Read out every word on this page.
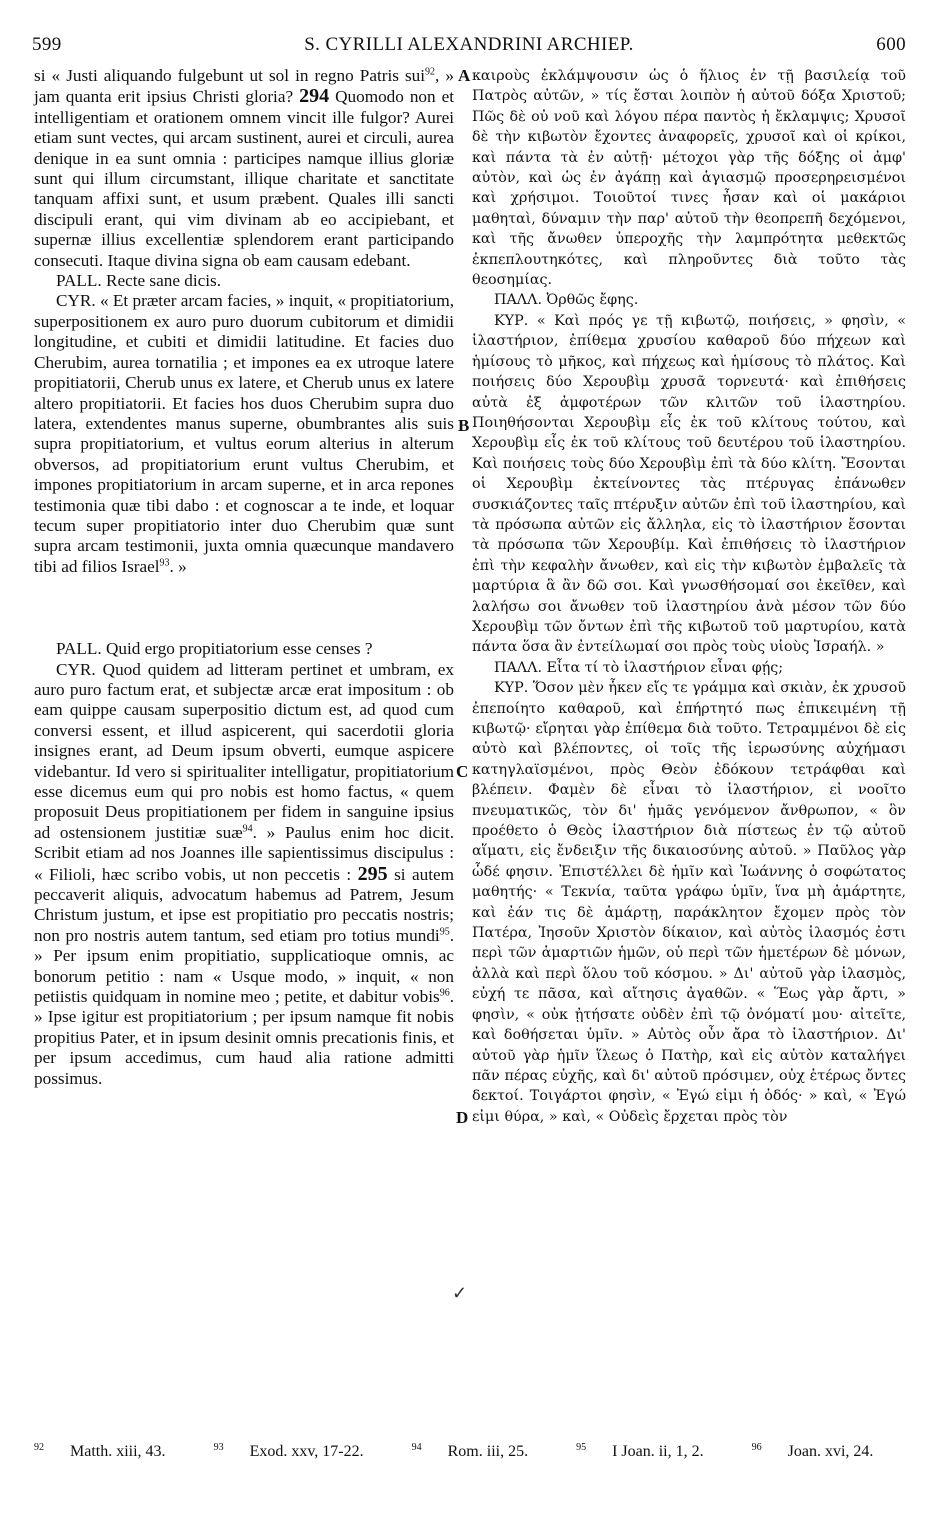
599	S. CYRILLI ALEXANDRINI ARCHIEP.	600

si « Justi aliquando fulgebunt ut sol in regno Patris sui$^{92}$, » jam quanta erit ipsius Christi gloria? 294 Quomodo non et intelligentiam et orationem omnem vincit ille fulgor? Aurei etiam sunt vectes, qui arcam sustinent, aurei et circuli, aurea denique in ea sunt omnia : participes namque illius gloriæ sunt qui illum circumstant, illique charitate et sanctitate tanquam affixi sunt, et usum præbent. Quales illi sancti discipuli erant, qui vim divinam ab eo accipiebant, et supernæ illius excellentiæ splendorem erant participando consecuti. Itaque divina signa ob eam causam edebant.

PALL. Recte sane dicis.

CYR. « Et præter arcam facies, » inquit, « propitiatorium, superpositionem ex auro puro duorum cubitorum et dimidii longitudine, et cubiti et dimidii latitudine. Et facies duo Cherubim, aurea tornatilia ; et impones ea ex utroque latere propitiatorii, Cherub unus ex latere, et Cherub unus ex latere altero propitiatorii. Et facies hos duos Cherubim supra duo latera, extendentes manus superne, obumbrantes alis suis supra propitiatorium, et vultus eorum alterius in alterum obversos, ad propitiatorium erunt vultus Cherubim, et impones propitiatorium in arcam superne, et in arca repones testimonia quæ tibi dabo : et cognoscar a te inde, et loquar tecum super propitiatorio inter duo Cherubim quæ sunt supra arcam testimonii, juxta omnia quæcunque mandavero tibi ad filios Israel$^{93}$. »

PALL. Quid ergo propitiatorium esse censes ?

CYR. Quod quidem ad litteram pertinet et umbram, ex auro puro factum erat, et subjectæ arcæ erat impositum : ob eam quippe causam superpositio dictum est, ad quod cum conversi essent, et illud aspicerent, qui sacerdotii gloria insignes erant, ad Deum ipsum obverti, eumque aspicere videbantur. Id vero si spiritualiter intelligatur, propitiatorium esse dicemus eum qui pro nobis est homo factus, « quem proposuit Deus propitiationem per fidem in sanguine ipsius ad ostensionem justitiæ suæ$^{94}$. » Paulus enim hoc dicit. Scribit etiam ad nos Joannes ille sapientissimus discipulus : « Filioli, hæc scribo vobis, ut non peccetis : 295 si autem peccaverit aliquis, advocatum habemus ad Patrem, Jesum Christum justum, et ipse est propitiatio pro peccatis nostris; non pro nostris autem tantum, sed etiam pro totius mundi$^{95}$. » Per ipsum enim propitiatio, supplicatioque omnis, ac bonorum petitio : nam « Usque modo, » inquit, « non petiistis quidquam in nomine meo ; petite, et dabitur vobis$^{96}$. » Ipse igitur est propitiatorium ; per ipsum namque fit nobis propitius Pater, et in ipsum desinit omnis precationis finis, et per ipsum accedimus, cum haud alia ratione admitti possimus.

A
B
C
D
✓

καιροὺς ἐκλάμψουσιν ὡς ὁ ἥλιος ἐν τῇ βασιλείᾳ τοῦ Πατρὸς αὐτῶν, » τίς ἔσται λοιπὸν ἡ αὐτοῦ δόξα Χριστοῦ; Πῶς δὲ οὐ νοῦ καὶ λόγου πέρα παντὸς ἡ ἔκλαμψις; Χρυσοῖ δὲ τὴν κιβωτὸν ἔχοντες ἀναφορεῖς, χρυσοῖ καὶ οἱ κρίκοι, καὶ πάντα τὰ ἐν αὐτῇ· μέτοχοι γὰρ τῆς δόξης οἱ ἀμφ' αὐτὸν, καὶ ὡς ἐν ἀγάπῃ καὶ ἁγιασμῷ προσερηρεισμένοι καὶ χρήσιμοι. Τοιοῦτοί τινες ἦσαν καὶ οἱ μακάριοι μαθηταὶ, δύναμιν τὴν παρ' αὐτοῦ τὴν θεοπρεπῆ δεχόμενοι, καὶ τῆς ἄνωθεν ὑπεροχῆς τὴν λαμπρότητα μεθεκτῶς ἐκπεπλουτηκότες, καὶ πληροῦντες διὰ τοῦτο τὰς θεοσημίας.

ΠΑΛΛ. Ὀρθῶς ἔφης.

ΚΥΡ. « Καὶ πρός γε τῇ κιβωτῷ, ποιήσεις, » φησὶν, « ἱλαστήριον, ἐπίθεμα χρυσίου καθαροῦ δύο πήχεων καὶ ἡμίσους τὸ μῆκος, καὶ πήχεως καὶ ἡμίσους τὸ πλάτος. Καὶ ποιήσεις δύο Χερουβὶμ χρυσᾶ τορνευτά· καὶ ἐπιθήσεις αὐτὰ ἐξ ἀμφοτέρων τῶν κλιτῶν τοῦ ἱλαστηρίου. Ποιηθήσονται Χερουβὶμ εἷς ἐκ τοῦ κλίτους τούτου, καὶ Χερουβὶμ εἷς ἐκ τοῦ κλίτους τοῦ δευτέρου τοῦ ἱλαστηρίου. Καὶ ποιήσεις τοὺς δύο Χερουβὶμ ἐπὶ τὰ δύο κλίτη. Ἔσονται οἱ Χερουβὶμ ἐκτείνοντες τὰς πτέρυγας ἐπάνωθεν συσκιάζοντες ταῖς πτέρυξιν αὐτῶν ἐπὶ τοῦ ἱλαστηρίου, καὶ τὰ πρόσωπα αὐτῶν εἰς ἄλληλα, εἰς τὸ ἱλαστήριον ἔσονται τὰ πρόσωπα τῶν Χερουβίμ. Καὶ ἐπιθήσεις τὸ ἱλαστήριον ἐπὶ τὴν κεφαλὴν ἄνωθεν, καὶ εἰς τὴν κιβωτὸν ἐμβαλεῖς τὰ μαρτύρια ἃ ἂν δῶ σοι. Καὶ γνωσθήσομαί σοι ἐκεῖθεν, καὶ λαλήσω σοι ἄνωθεν τοῦ ἱλαστηρίου ἀνὰ μέσον τῶν δύο Χερουβὶμ τῶν ὄντων ἐπὶ τῆς κιβωτοῦ τοῦ μαρτυρίου, κατὰ πάντα ὅσα ἂν ἐντείλωμαί σοι πρὸς τοὺς υἱοὺς Ἰσραήλ. »

ΠΑΛΛ. Εἶτα τί τὸ ἱλαστήριον εἶναι φῄς;

ΚΥΡ. Ὅσον μὲν ἧκεν εἴς τε γράμμα καὶ σκιὰν, ἐκ χρυσοῦ ἐπεποίητο καθαροῦ, καὶ ἐπήρτητό πως ἐπικειμένη τῇ κιβωτῷ· εἴρηται γὰρ ἐπίθεμα διὰ τοῦτο. Τετραμμένοι δὲ εἰς αὐτὸ καὶ βλέποντες, οἱ τοῖς τῆς ἱερωσύνης αὐχήμασι κατηγλαϊσμένοι, πρὸς Θεὸν ἐδόκουν τετράφθαι καὶ βλέπειν. Φαμὲν δὲ εἶναι τὸ ἱλαστήριον, εἰ νοοῖτο πνευματικῶς, τὸν δι' ἡμᾶς γενόμενον ἄνθρωπον, « ὃν προέθετο ὁ Θεὸς ἱλαστήριον διὰ πίστεως ἐν τῷ αὐτοῦ αἵματι, εἰς ἔνδειξιν τῆς δικαιοσύνης αὐτοῦ. » Παῦλος γὰρ ὧδέ φησιν. Ἐπιστέλλει δὲ ἡμῖν καὶ Ἰωάννης ὁ σοφώτατος μαθητής· « Τεκνία, ταῦτα γράφω ὑμῖν, ἵνα μὴ ἁμάρτητε, καὶ ἐάν τις δὲ ἁμάρτῃ, παράκλητον ἔχομεν πρὸς τὸν Πατέρα, Ἰησοῦν Χριστὸν δίκαιον, καὶ αὐτὸς ἱλασμός ἐστι περὶ τῶν ἁμαρτιῶν ἡμῶν, οὐ περὶ τῶν ἡμετέρων δὲ μόνων, ἀλλὰ καὶ περὶ ὅλου τοῦ κόσμου. » Δι' αὐτοῦ γὰρ ἱλασμὸς, εὐχή τε πᾶσα, καὶ αἴτησις ἀγαθῶν. « Ἕως γὰρ ἄρτι, » φησὶν, « οὐκ ᾐτήσατε οὐδὲν ἐπὶ τῷ ὀνόματί μου· αἰτεῖτε, καὶ δοθήσεται ὑμῖν. » Αὐτὸς οὖν ἄρα τὸ ἱλαστήριον. Δι' αὐτοῦ γὰρ ἡμῖν ἵλεως ὁ Πατὴρ, καὶ εἰς αὐτὸν καταλήγει πᾶν πέρας εὐχῆς, καὶ δι' αὐτοῦ πρόσιμεν, οὐχ ἑτέρως ὄντες δεκτοί. Τοιγάρτοι φησὶν, « Ἐγώ εἰμι ἡ ὁδός· » καὶ, « Ἐγώ εἰμι θύρα, » καὶ, « Οὐδεὶς ἔρχεται πρὸς τὸν

$^{92}$ Matth. xiii, 43.	$^{93}$ Exod. xxv, 17-22.	$^{94}$ Rom. iii, 25.	$^{95}$ I Joan. ii, 1, 2.	$^{96}$ Joan. xvi, 24.
